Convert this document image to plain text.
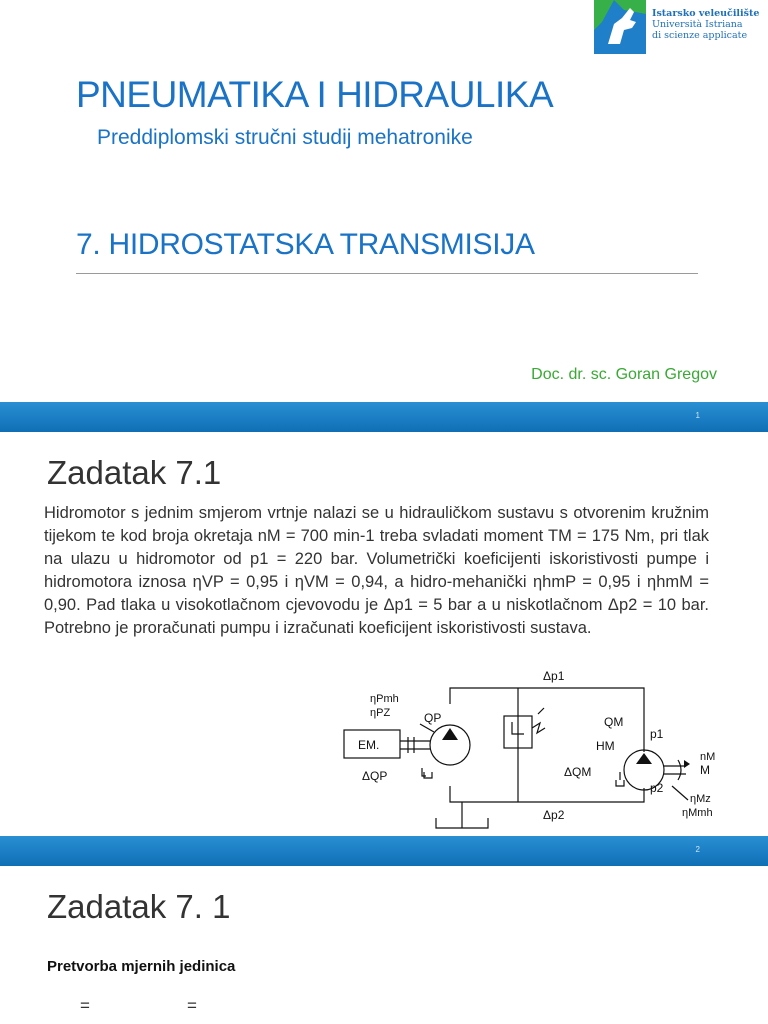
Istarsko veleučilište
Università Istriana
di scienze applicate
PNEUMATIKA I HIDRAULIKA
Preddiplomski stručni studij mehatronike
7. HIDROSTATSKA TRANSMISIJA
Doc. dr. sc. Goran Gregov
1
Zadatak 7.1
Hidromotor s jednim smjerom vrtnje nalazi se u hidrauličkom sustavu s otvorenim kružnim tijekom te kod broja okretaja nM = 700 min-1 treba svladati moment TM = 175 Nm, pri tlak na ulazu u hidromotor od p1 = 220 bar. Volumetrički koeficijenti iskoristivosti pumpe i hidromotora iznosa ηVP = 0,95 i ηVM = 0,94, a hidro-mehanički ηhmP = 0,95 i ηhmM = 0,90. Pad tlaka u visokotlačnom cjevovodu je Δp1 = 5 bar a u niskotlačnom Δp2 = 10 bar. Potrebno je proračunati pumpu i izračunati koeficijent iskoristivosti sustava.
Δp1
Δp2
EM.
ηPmh
ηPZ	QP
ΔQP
QM
HM
ΔQM
p1
p2
nM
M
ηMz
ηMmh
2
Zadatak 7. 1
Pretvorba mjernih jedinica
=	=
